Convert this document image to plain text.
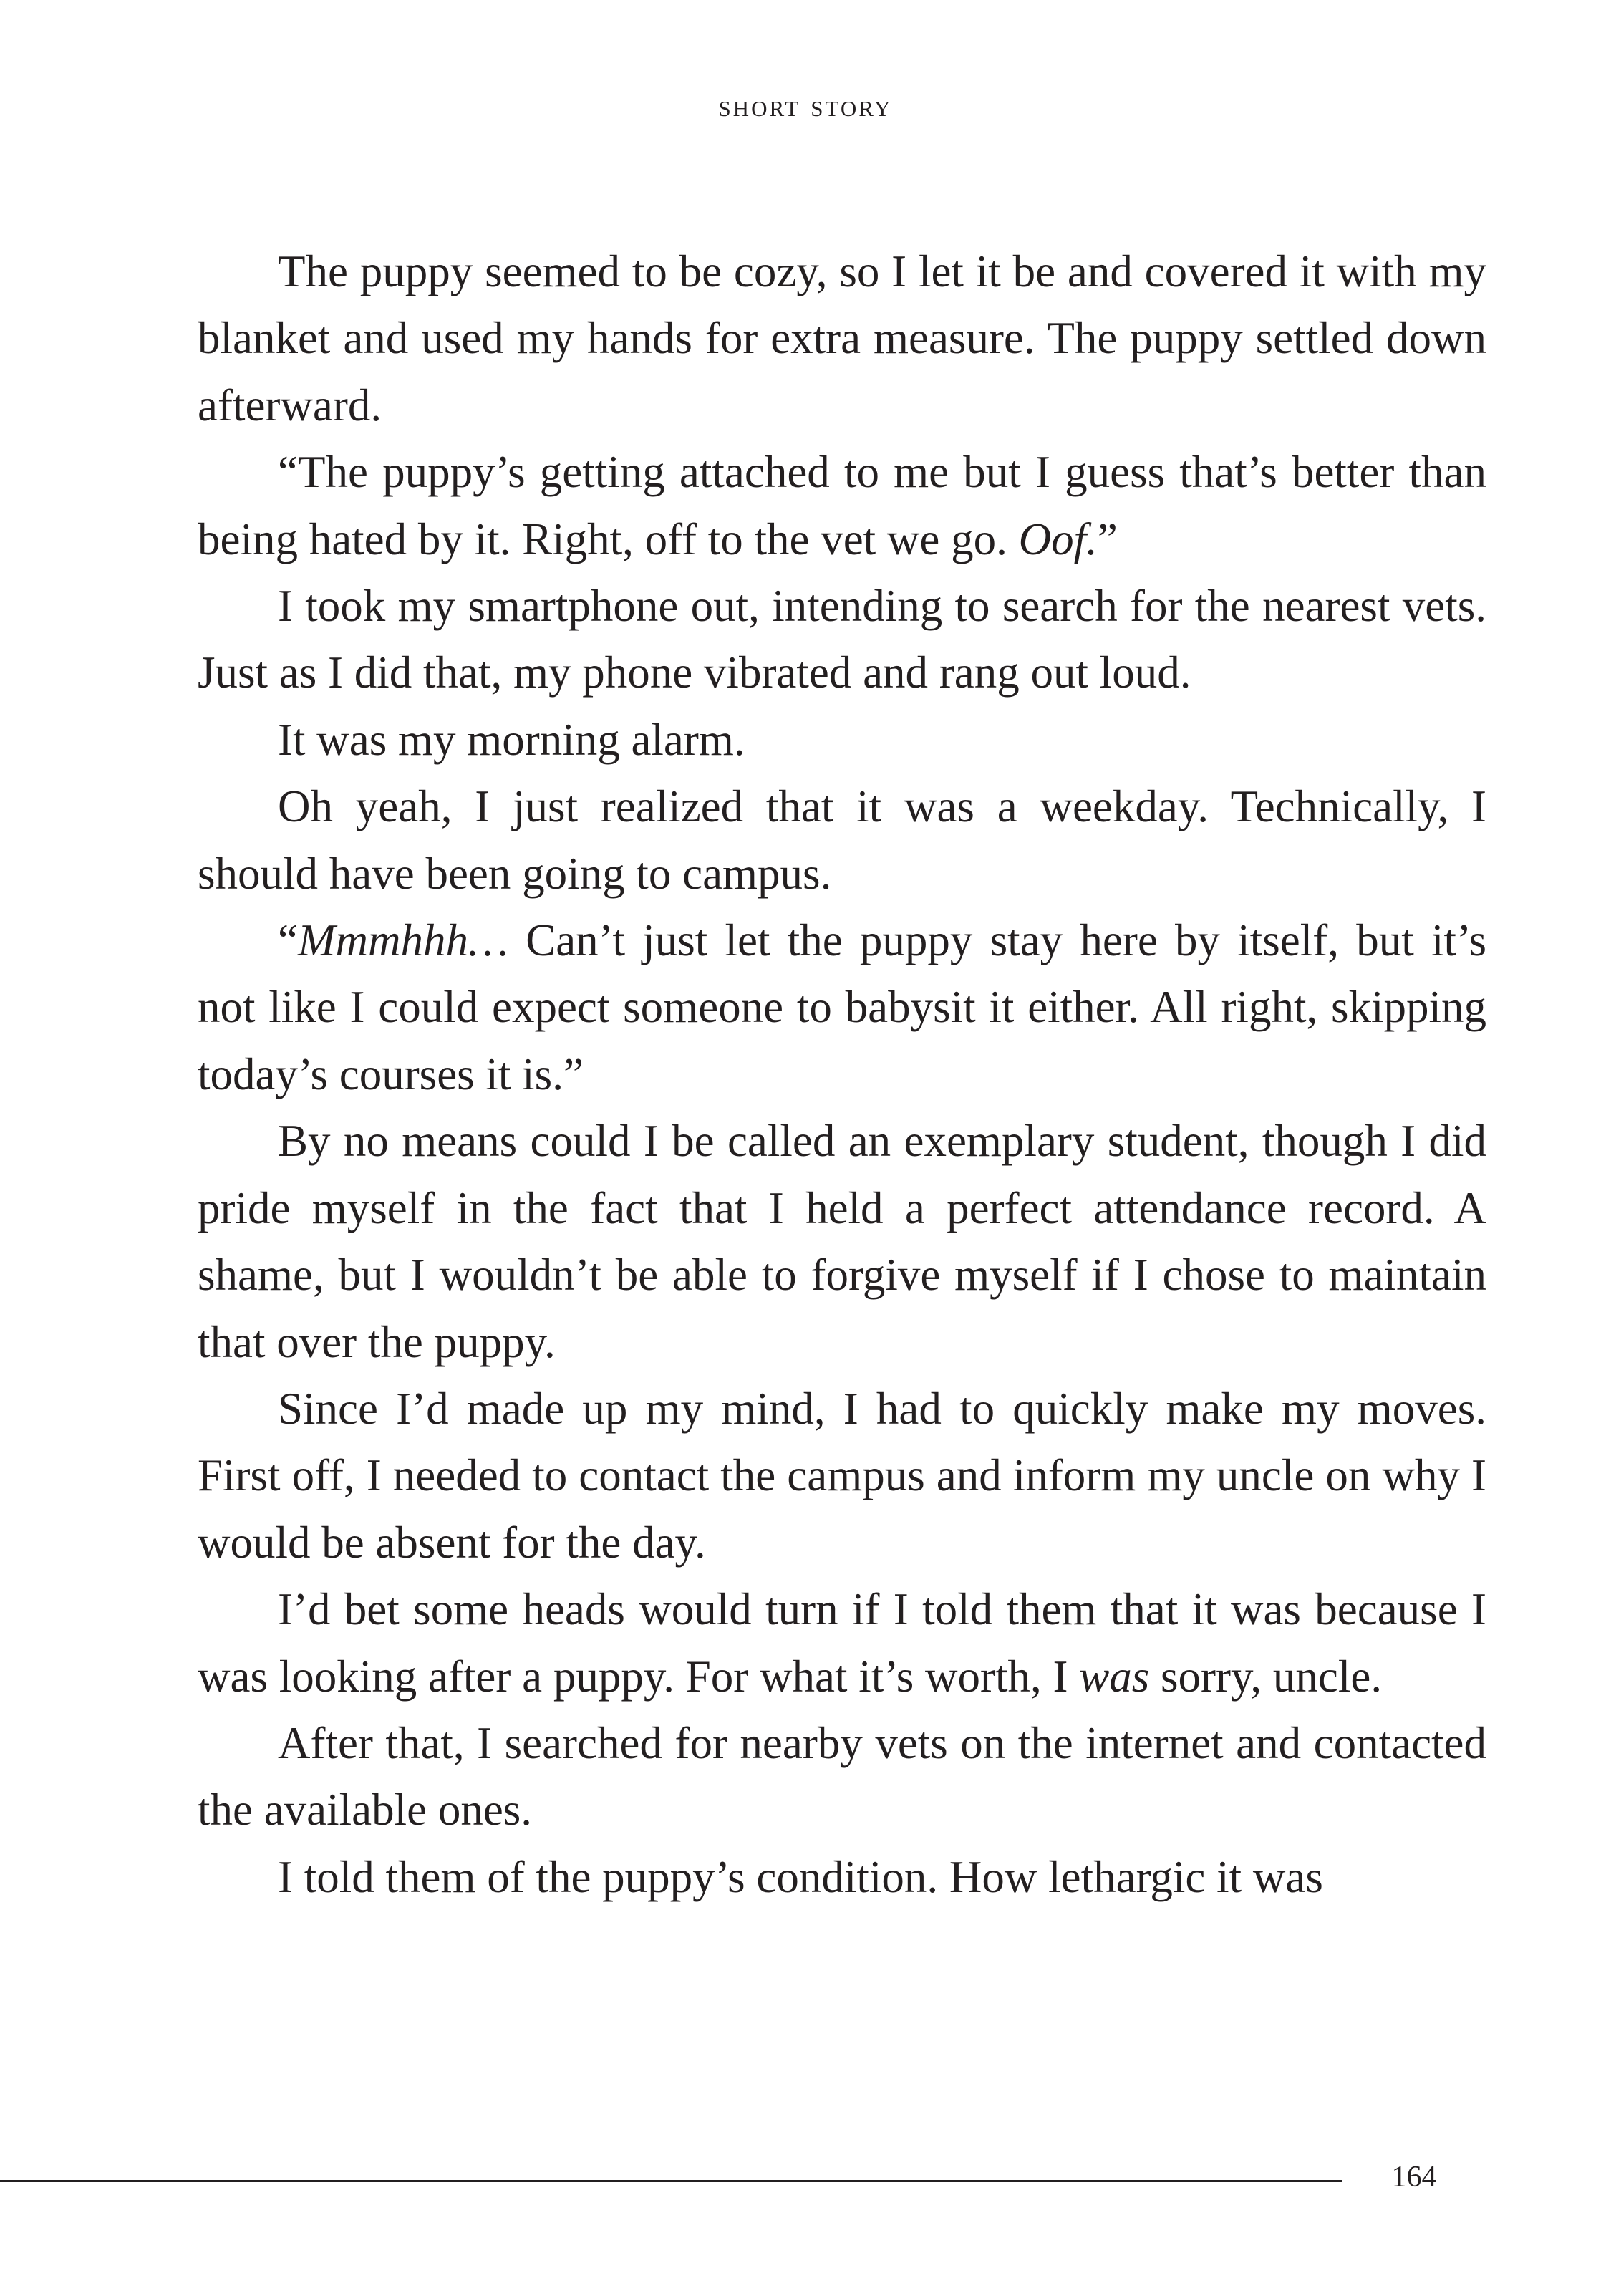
short story

The puppy seemed to be cozy, so I let it be and covered it with my blanket and used my hands for extra measure. The puppy settled down afterward.

“The puppy’s getting attached to me but I guess that’s better than being hated by it. Right, off to the vet we go. Oof.”

I took my smartphone out, intending to search for the nearest vets. Just as I did that, my phone vibrated and rang out loud.

It was my morning alarm.

Oh yeah, I just realized that it was a weekday. Technically, I should have been going to campus.

“Mmmhhh… Can’t just let the puppy stay here by itself, but it’s not like I could expect someone to babysit it either. All right, skipping today’s courses it is.”

By no means could I be called an exemplary student, though I did pride myself in the fact that I held a perfect attendance record. A shame, but I wouldn’t be able to forgive myself if I chose to maintain that over the puppy.

Since I’d made up my mind, I had to quickly make my moves. First off, I needed to contact the campus and inform my uncle on why I would be absent for the day.

I’d bet some heads would turn if I told them that it was because I was looking after a puppy. For what it’s worth, I was sorry, uncle.

After that, I searched for nearby vets on the internet and contacted the available ones.

I told them of the puppy’s condition. How lethargic it was

164
